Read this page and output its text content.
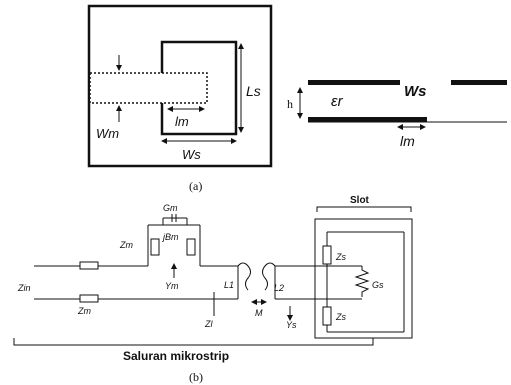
Ls
lm
Wm
Ws
Ws
h	εr
lm
(a)
Gm
jBm
Zm
Zm
Zin	Ym	L1	L2
M
Zl	Ys
Zs
Zs
Gs
Slot
Saluran mikrostrip
(b)
